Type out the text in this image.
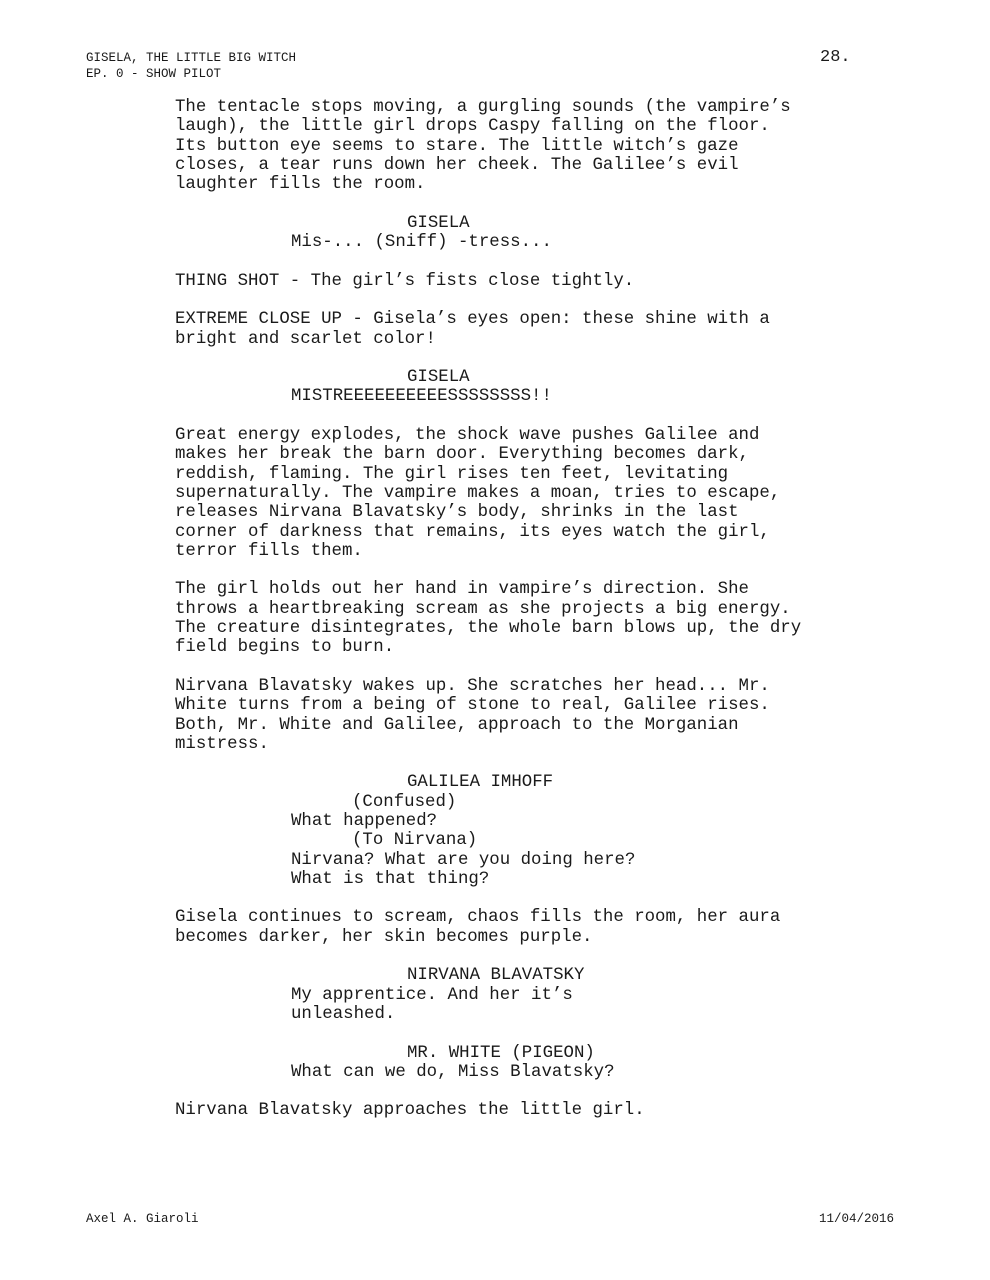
GISELA, THE LITTLE BIG WITCH
EP. 0 - SHOW PILOT
28.
The tentacle stops moving, a gurgling sounds (the vampire’s
laugh), the little girl drops Caspy falling on the floor.
Its button eye seems to stare. The little witch’s gaze
closes, a tear runs down her cheek. The Galilee’s evil
laughter fills the room.
GISELA
Mis-... (Sniff) -tress...
THING SHOT - The girl’s fists close tightly.
EXTREME CLOSE UP - Gisela’s eyes open: these shine with a
bright and scarlet color!
GISELA
MISTREEEEEEEEEESSSSSSSS!!
Great energy explodes, the shock wave pushes Galilee and
makes her break the barn door. Everything becomes dark,
reddish, flaming. The girl rises ten feet, levitating
supernaturally. The vampire makes a moan, tries to escape,
releases Nirvana Blavatsky’s body, shrinks in the last
corner of darkness that remains, its eyes watch the girl,
terror fills them.
The girl holds out her hand in vampire’s direction. She
throws a heartbreaking scream as she projects a big energy.
The creature disintegrates, the whole barn blows up, the dry
field begins to burn.
Nirvana Blavatsky wakes up. She scratches her head... Mr.
White turns from a being of stone to real, Galilee rises.
Both, Mr. White and Galilee, approach to the Morganian
mistress.
GALILEA IMHOFF
(Confused)
What happened?
(To Nirvana)
Nirvana? What are you doing here?
What is that thing?
Gisela continues to scream, chaos fills the room, her aura
becomes darker, her skin becomes purple.
NIRVANA BLAVATSKY
My apprentice. And her it’s
unleashed.
MR. WHITE (PIGEON)
What can we do, Miss Blavatsky?
Nirvana Blavatsky approaches the little girl.
Axel A. Giaroli	11/04/2016
